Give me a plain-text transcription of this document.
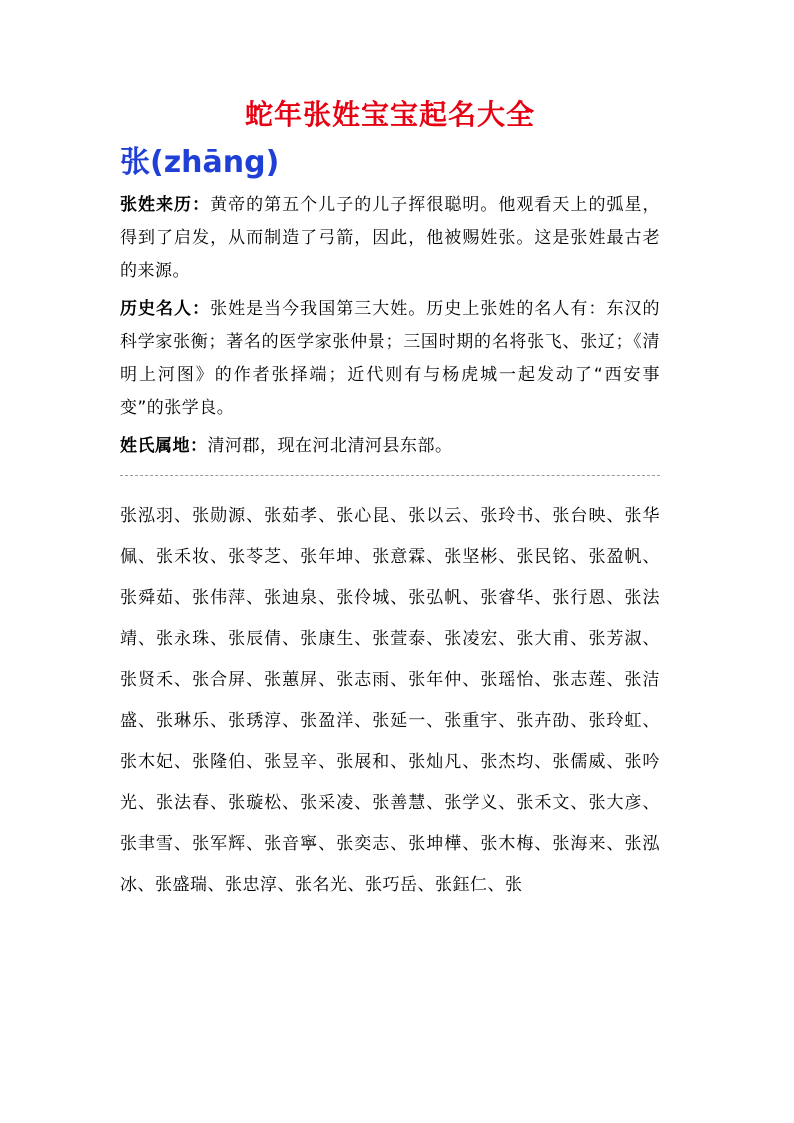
蛇年张姓宝宝起名大全
张(zhāng)

张姓来历：黄帝的第五个儿子的儿子挥很聪明。他观看天上的弧星，得到了启发，从而制造了弓箭，因此，他被赐姓张。这是张姓最古老的来源。

历史名人：张姓是当今我国第三大姓。历史上张姓的名人有：东汉的科学家张衡；著名的医学家张仲景；三国时期的名将张飞、张辽；《清明上河图》的作者张择端；近代则有与杨虎城一起发动了“西安事变”的张学良。

姓氏属地：清河郡，现在河北清河县东部。

张泓羽、张勋源、张茹孝、张心昆、张以云、张玲书、张台映、张华佩、张禾妆、张苓芝、张年坤、张意霖、张坚彬、张民铭、张盈帆、张舜茹、张伟萍、张迪泉、张伶城、张弘帆、张睿华、张行恩、张法靖、张永珠、张辰倩、张康生、张萱泰、张凌宏、张大甫、张芳淑、张贤禾、张合屏、张蕙屏、张志雨、张年仲、张瑶怡、张志莲、张洁盛、张琳乐、张琇淳、张盈洋、张延一、张重宇、张卉劭、张玲虹、张木妃、张隆伯、张昱辛、张展和、张灿凡、张杰均、张儒威、张吟光、张法春、张璇松、张采凌、张善慧、张学义、张禾文、张大彦、张聿雪、张军辉、张音寧、张奕志、张坤樺、张木梅、张海来、张泓冰、张盛瑞、张忠淳、张名光、张巧岳、张鈺仁、张
